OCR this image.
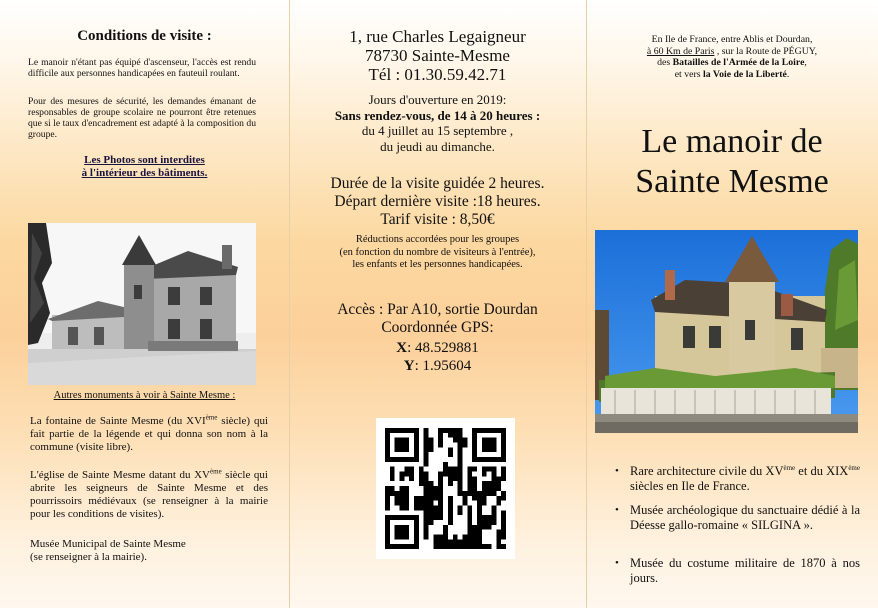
Conditions de visite :
Le manoir n'étant pas équipé d'ascenseur, l'accès est rendu difficile aux personnes handicapées en fauteuil roulant.
Pour des mesures de sécurité, les demandes émanant de responsables de groupe scolaire ne pourront être retenues que si le taux d'encadrement est adapté à la composition du groupe.
Les Photos sont interdites
à l'intérieur des bâtiments.
Autres monuments à voir à Sainte Mesme :
La fontaine de Sainte Mesme (du XVIème siècle) qui fait partie de la légende et qui donna son nom à la commune (visite libre).
L'église de Sainte Mesme datant du XVème siècle qui abrite les seigneurs de Sainte Mesme et des pourrissoirs médiévaux (se renseigner à la mairie pour les conditions de visites).
Musée Municipal de Sainte Mesme
(se renseigner à la mairie).
1, rue Charles Legaigneur
78730 Sainte-Mesme
Tél : 01.30.59.42.71
Jours d'ouverture en 2019:
Sans rendez-vous, de 14 à 20 heures :
du 4 juillet au 15 septembre ,
du jeudi au dimanche.
Durée de la visite guidée 2 heures.
Départ dernière visite :18 heures.
Tarif visite : 8,50€
Réductions accordées pour les groupes
(en fonction du nombre de visiteurs à l'entrée),
les enfants et les personnes handicapées.
Accès : Par A10, sortie Dourdan
Coordonnée GPS:
X: 48.529881
Y: 1.95604
En Ile de France, entre Ablis et Dourdan,
à 60 Km de Paris , sur la Route de PÉGUY,
des Batailles de l'Armée de la Loire,
et vers la Voie de la Liberté.
Le manoir de
Sainte Mesme
• Rare architecture civile du XVème et du XIXème siècles en Ile de France.
• Musée archéologique du sanctuaire dédié à la Déesse gallo-romaine « SILGINA ».
• Musée du costume militaire de 1870 à nos jours.
